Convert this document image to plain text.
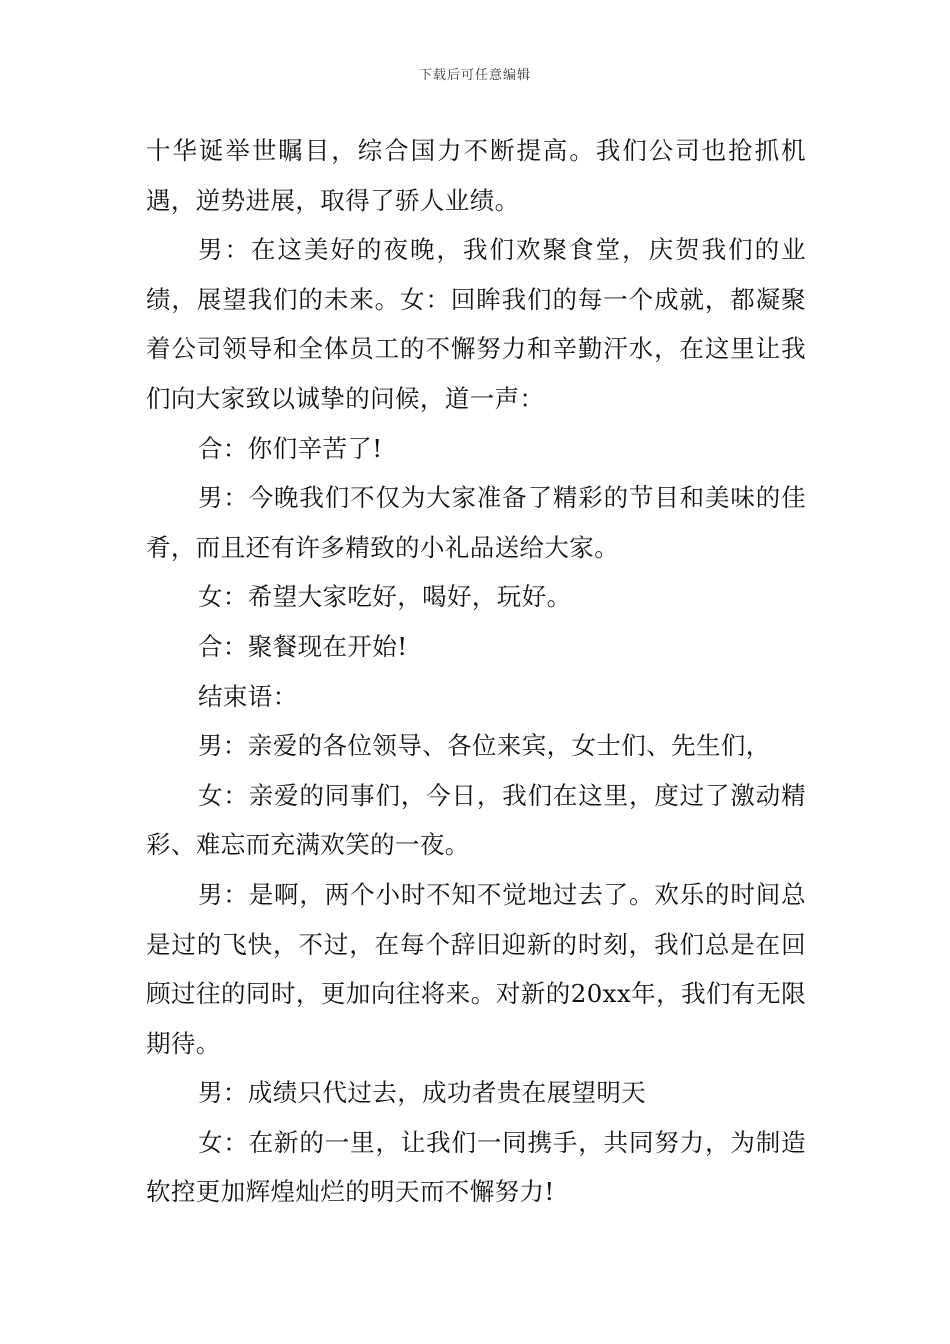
下载后可任意编辑

十华诞举世瞩目，综合国力不断提高。我们公司也抢抓机遇，逆势进展，取得了骄人业绩。

男：在这美好的夜晚，我们欢聚食堂，庆贺我们的业绩，展望我们的未来。女：回眸我们的每一个成就，都凝聚着公司领导和全体员工的不懈努力和辛勤汗水，在这里让我们向大家致以诚挚的问候，道一声：

合：你们辛苦了!

男：今晚我们不仅为大家准备了精彩的节目和美味的佳肴，而且还有许多精致的小礼品送给大家。

女：希望大家吃好，喝好，玩好。

合：聚餐现在开始!

结束语：

男：亲爱的各位领导、各位来宾，女士们、先生们，

女：亲爱的同事们，今日，我们在这里，度过了激动精彩、难忘而充满欢笑的一夜。

男：是啊，两个小时不知不觉地过去了。欢乐的时间总是过的飞快，不过，在每个辞旧迎新的时刻，我们总是在回顾过往的同时，更加向往将来。对新的20xx年，我们有无限期待。

男：成绩只代过去，成功者贵在展望明天

女：在新的一里，让我们一同携手，共同努力，为制造软控更加辉煌灿烂的明天而不懈努力!
